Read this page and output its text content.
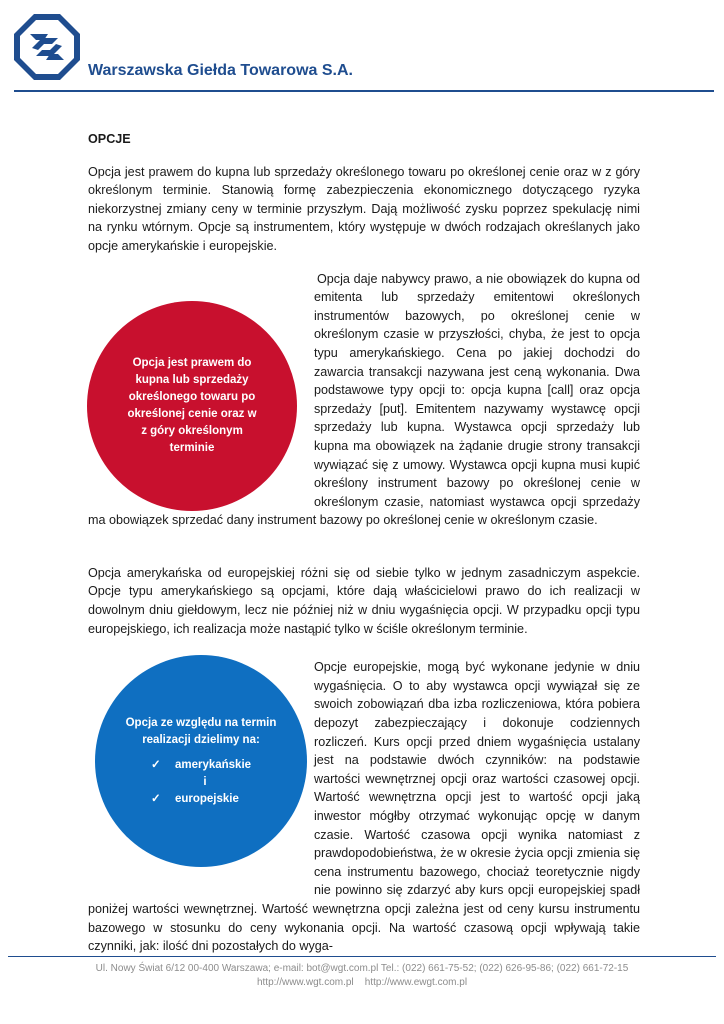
Warszawska Giełda Towarowa S.A.
OPCJE

Opcja jest prawem do kupna lub sprzedaży określonego towaru po określonej cenie oraz w z góry określonym terminie. Stanowią formę zabezpieczenia ekonomicznego dotyczącego ryzyka niekorzystnej zmiany ceny w terminie przyszłym. Dają możliwość zysku poprzez spekulację nimi na rynku wtórnym. Opcje są instrumentem, który występuje w dwóch rodzajach określanych jako opcje amerykańskie i europejskie.

Opcja daje nabywcy prawo, a nie obowiązek do kupna od emitenta lub sprzedaży emitentowi określonych instrumentów bazowych, po określonej cenie w określonym czasie w przyszłości, chyba, że jest to opcja typu amerykańskiego. Cena po jakiej dochodzi do zawarcia transakcji nazywana jest ceną wykonania. Dwa podstawowe typy opcji to: opcja kupna [call] oraz opcja sprzedaży [put]. Emitentem nazywamy wystawcę opcji sprzedaży lub kupna. Wystawca opcji sprzedaży lub kupna ma obowiązek na żądanie drugie strony transakcji wywiązać się z umowy. Wystawca opcji kupna musi kupić określony instrument bazowy po określonej cenie w określonym czasie, natomiast wystawca opcji sprzedaży ma obowiązek sprzedać dany instrument bazowy po określonej cenie w określonym czasie.

Opcja amerykańska od europejskiej różni się od siebie tylko w jednym zasadniczym aspekcie. Opcje typu amerykańskiego są opcjami, które dają właścicielowi prawo do ich realizacji w dowolnym dniu giełdowym, lecz nie później niż w dniu wygaśnięcia opcji. W przypadku opcji typu europejskiego, ich realizacja może nastąpić tylko w ściśle określonym terminie.

Opcje europejskie, mogą być wykonane jedynie w dniu wygaśnięcia. O to aby wystawca opcji wywiązał się ze swoich zobowiązań dba izba rozliczeniowa, która pobiera depozyt zabezpieczający i dokonuje codziennych rozliczeń. Kurs opcji przed dniem wygaśnięcia ustalany jest na podstawie dwóch czynników: na podstawie wartości wewnętrznej opcji oraz wartości czasowej opcji. Wartość wewnętrzna opcji jest to wartość opcji jaką inwestor mógłby otrzymać wykonując opcję w danym czasie. Wartość czasowa opcji wynika natomiast z prawdopodobieństwa, że w okresie życia opcji zmienia się cena instrumentu bazowego, chociaż teoretycznie nigdy nie powinno się zdarzyć aby kurs opcji europejskiej spadł poniżej wartości wewnętrznej. Wartość wewnętrzna opcji zależna jest od ceny kursu instrumentu bazowego w stosunku do ceny wykonania opcji. Na wartość czasową opcji wpływają takie czynniki, jak: ilość dni pozostałych do wyga-

Opcja jest prawem do kupna lub sprzedaży określonego towaru po określonej cenie oraz w z góry określonym terminie
Opcja ze względu na termin realizacji dzielimy na:
✓ amerykańskie
i
✓ europejskie
Ul. Nowy Świat 6/12 00-400 Warszawa; e-mail: bot@wgt.com.pl Tel.: (022) 661-75-52; (022) 626-95-86; (022) 661-72-15
http://www.wgt.com.pl http://www.ewgt.com.pl
